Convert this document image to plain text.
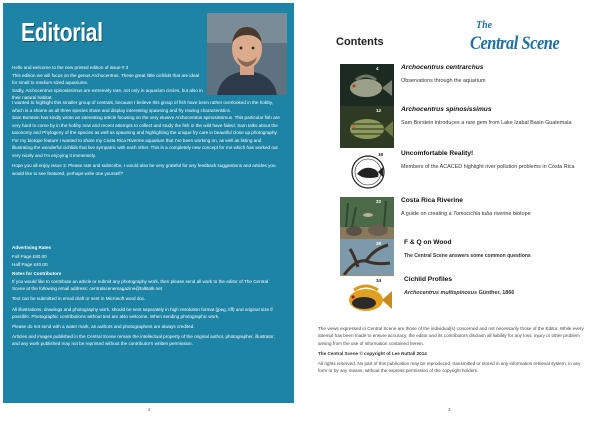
Editorial

Hello and welcome to the new printed edition of issue # 3

This edition we will focus on the genus Archocentrus. These great little cichlids that are ideal for small to medium sized aquariums.

Sadly, Archocentrus spinosissimus are extremely rare, not only in aquarium circles, but also in their natural habitat.

I wanted to highlight this smaller group of centrals, because I believe this group of fish have been rather overlooked in the hobby, which is a shame as all three species share and display interesting spawning and fry rearing characteristics.

Sam Borstein has kindly wrote an interesting article focusing on the very elusive Archocentrus spinosissimus. This particular fish are very hard to come by in the hobby now and recent attempts to collect and study the fish in the wild have failed. Sam talks about the taxonomy and Phylogeny of the species as well as spawning and highlighting the unique fry care in beautiful close up photography.

For my biotope feature I wanted to share my Costa Rica Riverine aquarium that I've been working on, as well as listing and illustrating the wonderful cichlids that live sympatric with each other. This is a completely new concept for me which has worked out very nicely and I'm enjoying it immensely.

Hope you all enjoy issue 3. Please rate and subscribe, I would also be very grateful for any feedback suggestions and articles you would like to see featured, perhaps write one yourself?

Advertising Rates

Full Page £80.00

Half Page £40.00

Notes for Contributors

If you would like to contribute an article or submit any photography work, then please send all work to the editor of The Central Scene at the following email address: centralscenemagazine@talktalk.net

Text can be submitted in email draft or sent in Microsoft word doc.

All illustrations, drawings and photography work, should be sent separately in high resolution format (jpeg, tiff) and original size if possible. Photographic contributions without text are also welcome. When sending photographic work,

Please do not send with a water mark, as authors and photographers are always credited.

Articles and images published in the Central Scene remain the intellectual property of the original author, photographer, illustrator, and any work published may not be reprinted without the contributor's written permission.

2
The
Central Scene
Contents
4	Archocentrus centrarchus
Observations through the aquarium
12	Archocentrus spinosissimus
Sam Borstein introduces a rare gem from Lake Izabal Basin Guatemala
18	Uncomfortable Reality!
Members of the ACACED highlight river pollution problems in Costa Rica
22	Costa Rica Riverine
A guide on creating a Tomocichla tuba riverine biotope
28	F & Q on Wood
The Central Scene answers some common questions
34	Cichlid Profiles
Archocentrus multispinosus Günther, 1866

The views expressed in Central Scene are those of the individual(s) concerned and not necessarily those of the Editor. While every attempt has been made to ensure accuracy, the editor and its contributors disclaim all liability for any loss, injury or other problem arising from the use of information contained herein.

The Central Scene © copyright of Lee Nuttall 2014

All rights reserved. No part of this publication may be reproduced, transmitted or stored in any information retrieval system, in any form or by any means, without the express permission of the copyright holders.

3
